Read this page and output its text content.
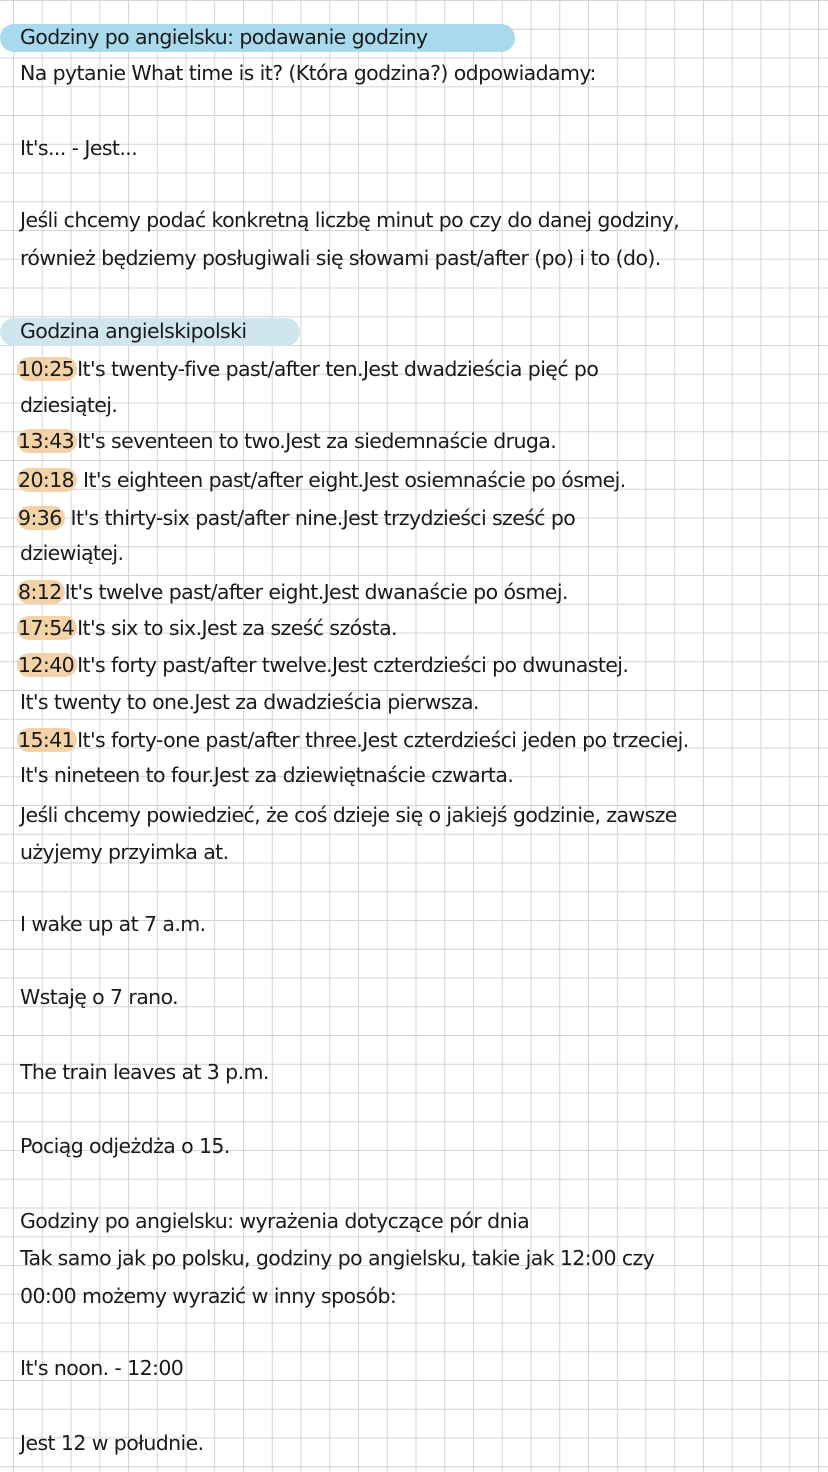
Godziny po angielsku: podawanie godziny
Na pytanie What time is it? (Która godzina?) odpowiadamy:
It's... - Jest...
Jeśli chcemy podać konkretną liczbę minut po czy do danej godziny,
również będziemy posługiwali się słowami past/after (po) i to (do).
Godzina angielskipolski
10:25 It's twenty-five past/after ten.Jest dwadzieścia pięć po
dziesiątej.
13:43 It's seventeen to two.Jest za siedemnaście druga.
20:18 It's eighteen past/after eight.Jest osiemnaście po ósmej.
9:36 It's thirty-six past/after nine.Jest trzydzieści sześć po
dziewiątej.
8:12 It's twelve past/after eight.Jest dwanaście po ósmej.
17:54 It's six to six.Jest za sześć szósta.
12:40 It's forty past/after twelve.Jest czterdzieści po dwunastej.
It's twenty to one.Jest za dwadzieścia pierwsza.
15:41 It's forty-one past/after three.Jest czterdzieści jeden po trzeciej.
It's nineteen to four.Jest za dziewiętnaście czwarta.
Jeśli chcemy powiedzieć, że coś dzieje się o jakiejś godzinie, zawsze
użyjemy przyimka at.
I wake up at 7 a.m.
Wstaję o 7 rano.
The train leaves at 3 p.m.
Pociąg odjeżdża o 15.
Godziny po angielsku: wyrażenia dotyczące pór dnia
Tak samo jak po polsku, godziny po angielsku, takie jak 12:00 czy
00:00 możemy wyrazić w inny sposób:
It's noon. - 12:00
Jest 12 w południe.
